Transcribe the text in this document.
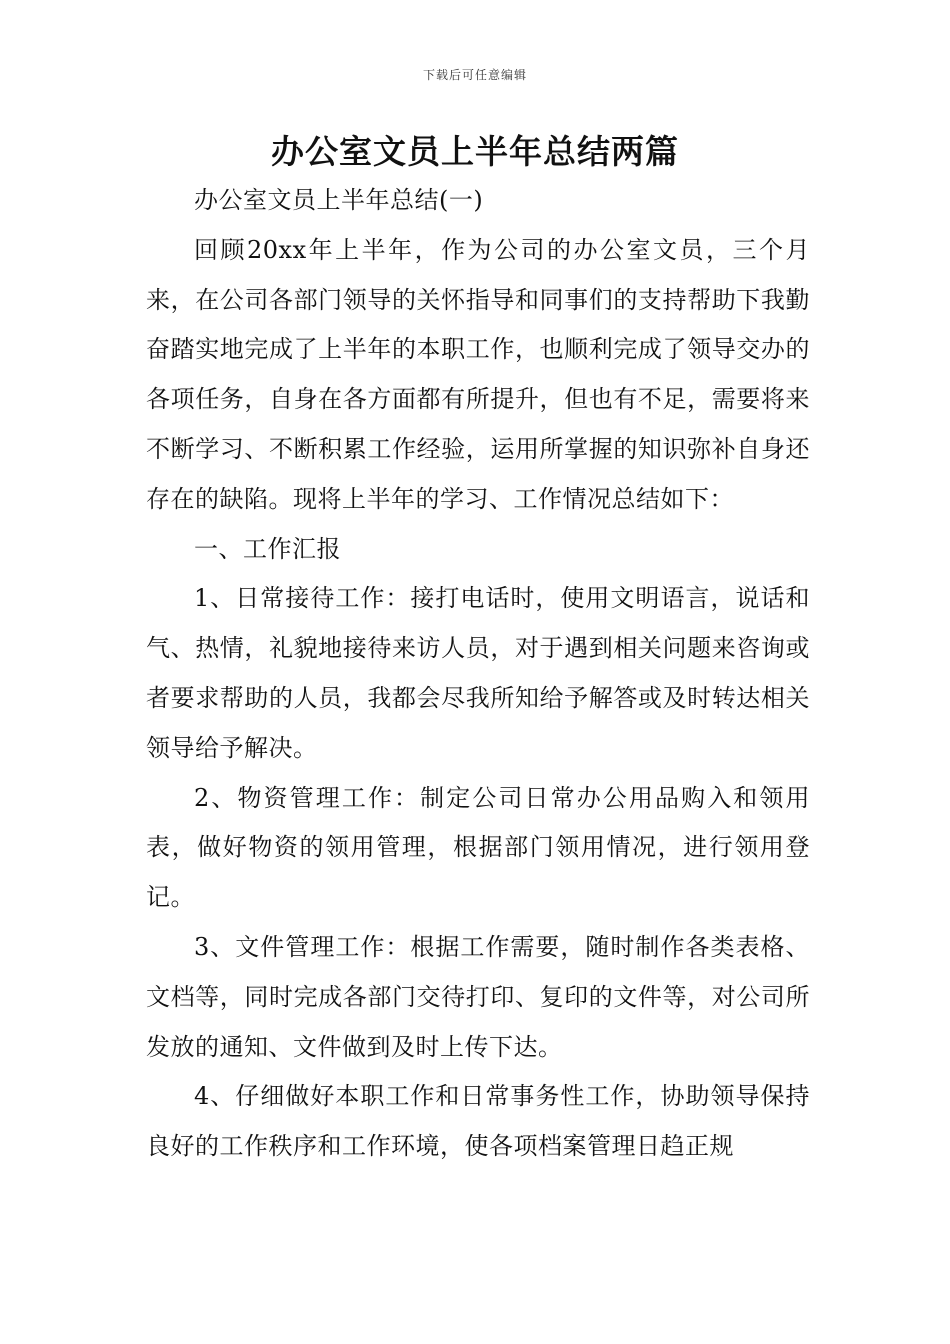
下载后可任意编辑
办公室文员上半年总结两篇

办公室文员上半年总结(一)

回顾20xx年上半年，作为公司的办公室文员，三个月来，在公司各部门领导的关怀指导和同事们的支持帮助下我勤奋踏实地完成了上半年的本职工作，也顺利完成了领导交办的各项任务，自身在各方面都有所提升，但也有不足，需要将来不断学习、不断积累工作经验，运用所掌握的知识弥补自身还存在的缺陷。现将上半年的学习、工作情况总结如下：

一、工作汇报

1、日常接待工作：接打电话时，使用文明语言，说话和气、热情，礼貌地接待来访人员，对于遇到相关问题来咨询或者要求帮助的人员，我都会尽我所知给予解答或及时转达相关领导给予解决。

2、物资管理工作：制定公司日常办公用品购入和领用表，做好物资的领用管理，根据部门领用情况，进行领用登记。

3、文件管理工作：根据工作需要，随时制作各类表格、文档等，同时完成各部门交待打印、复印的文件等，对公司所发放的通知、文件做到及时上传下达。

4、仔细做好本职工作和日常事务性工作，协助领导保持良好的工作秩序和工作环境，使各项档案管理日趋正规
